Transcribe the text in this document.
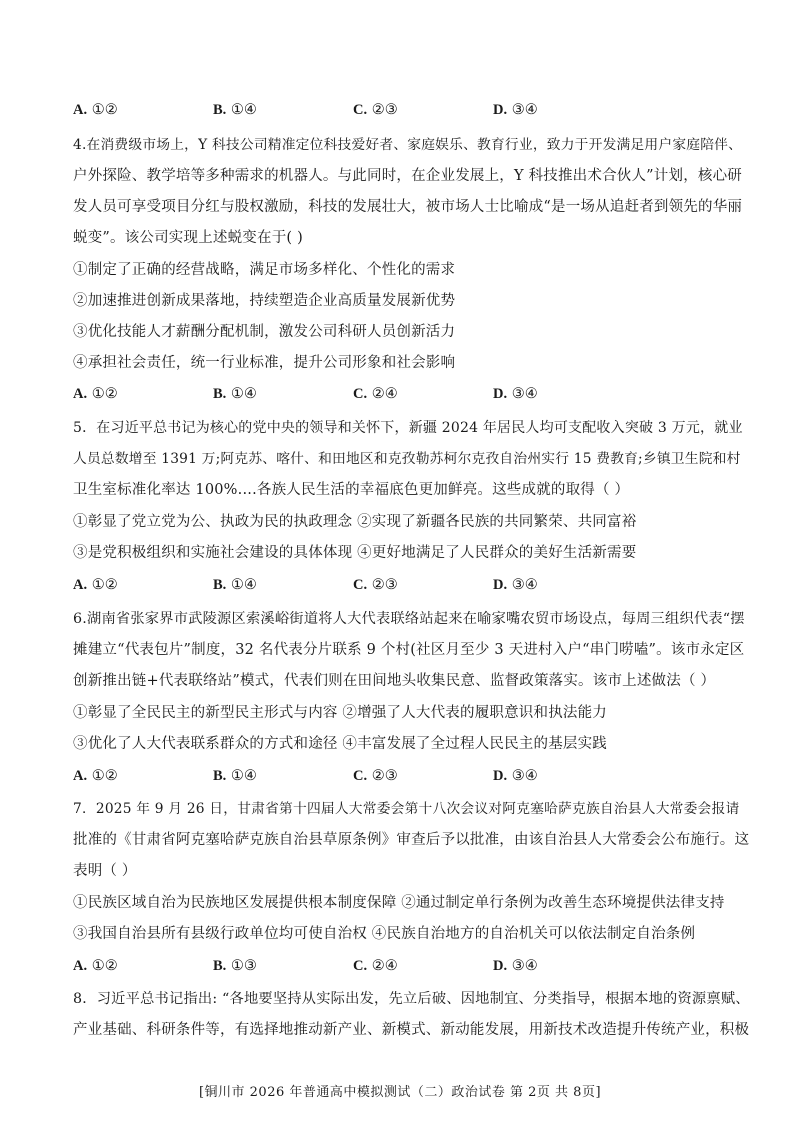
A. ①②	B. ①④	C. ②③	D. ③④
4.在消费级市场上，Y 科技公司精准定位科技爱好者、家庭娱乐、教育行业，致力于开发满足用户家庭陪伴、
户外探险、教学培等多种需求的机器人。与此同时，在企业发展上，Y 科技推出术合伙人”计划，核心研
发人员可享受项目分红与股权激励，科技的发展壮大，被市场人士比喻成“是一场从追赶者到领先的华丽
蜕变”。该公司实现上述蜕变在于( )
①制定了正确的经营战略，满足市场多样化、个性化的需求
②加速推进创新成果落地，持续塑造企业高质量发展新优势
③优化技能人才薪酬分配机制，激发公司科研人员创新活力
④承担社会责任，统一行业标准，提升公司形象和社会影响
A. ①②	B. ①④	C. ②④	D. ③④
5．在习近平总书记为核心的党中央的领导和关怀下，新疆 2024 年居民人均可支配收入突破 3 万元，就业
人员总数增至 1391 万;阿克苏、喀什、和田地区和克孜勒苏柯尔克孜自治州实行 15 费教育;乡镇卫生院和村
卫生室标准化率达 100%....各族人民生活的幸福底色更加鲜亮。这些成就的取得（ ）
①彰显了党立党为公、执政为民的执政理念 ②实现了新疆各民族的共同繁荣、共同富裕
③是党积极组织和实施社会建设的具体体现 ④更好地满足了人民群众的美好生活新需要
A. ①②	B. ①④	C. ②③	D. ③④
6.湖南省张家界市武陵源区索溪峪街道将人大代表联络站起来在喻家嘴农贸市场设点，每周三组织代表“摆
摊建立“代表包片”制度，32 名代表分片联系 9 个村(社区月至少 3 天进村入户“串门唠嗑”。该市永定区
创新推出链+代表联络站”模式，代表们则在田间地头收集民意、监督政策落实。该市上述做法（ ）
①彰显了全民民主的新型民主形式与内容 ②增强了人大代表的履职意识和执法能力
③优化了人大代表联系群众的方式和途径 ④丰富发展了全过程人民民主的基层实践
A. ①②	B. ①④	C. ②③	D. ③④
7．2025 年 9 月 26 日，甘肃省第十四届人大常委会第十八次会议对阿克塞哈萨克族自治县人大常委会报请
批准的《甘肃省阿克塞哈萨克族自治县草原条例》审查后予以批准，由该自治县人大常委会公布施行。这
表明（ ）
①民族区域自治为民族地区发展提供根本制度保障 ②通过制定单行条例为改善生态环境提供法律支持
③我国自治县所有县级行政单位均可使自治权 ④民族自治地方的自治机关可以依法制定自治条例
A. ①②	B. ①③	C. ②④	D. ③④
8．习近平总书记指出: “各地要坚持从实际出发，先立后破、因地制宜、分类指导，根据本地的资源禀赋、
产业基础、科研条件等，有选择地推动新产业、新模式、新动能发展，用新技术改造提升传统产业，积极
[铜川市 2026 年普通高中模拟测试（二）政治试卷 第 2页 共 8页]
